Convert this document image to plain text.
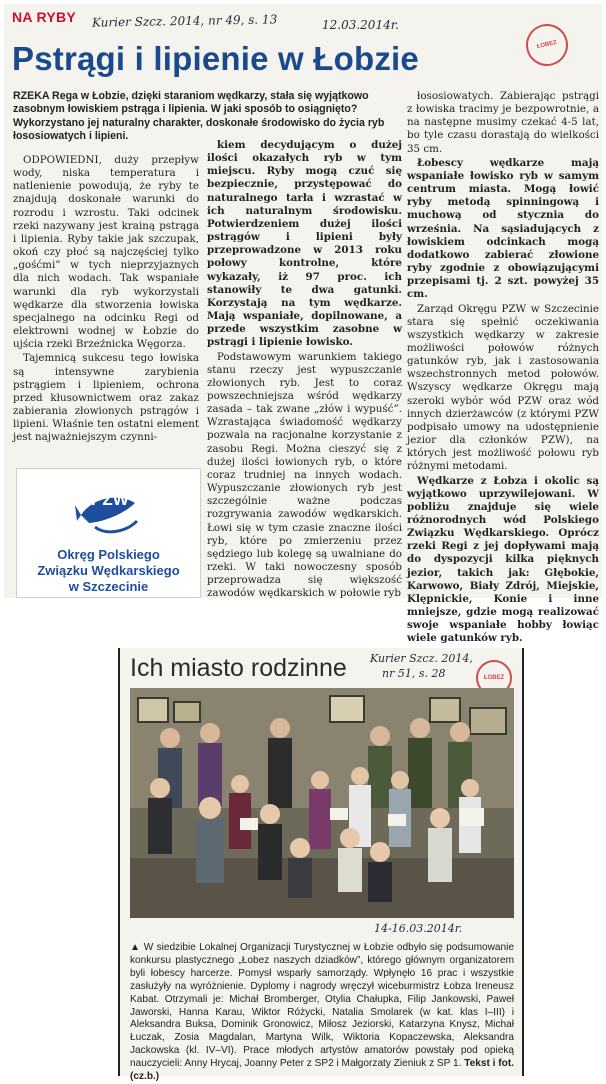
NA RYBY Kurier Szcz. 2014, nr 49, s. 13	12.03.2014r.
ŁOBEZ
Pstrągi i lipienie w Łobzie

RZEKA Rega w Łobzie, dzięki staraniom wędkarzy, stała się wyjątkowo zasobnym łowiskiem pstrąga i lipienia. W jaki sposób to osiągnięto? Wykorzystano jej naturalny charakter, doskonałe środowisko do życia ryb łososiowatych i lipieni.

ODPOWIEDNI, duży przepływ wody, niska temperatura i natlenienie powodują, że ryby te znajdują doskonałe warunki do rozrodu i wzrostu. Taki odcinek rzeki nazywany jest krainą pstrąga i lipienia. Ryby takie jak szczupak, okoń czy płoć są najczęściej tylko „gośćmi” w tych nieprzyjaznych dla nich wodach. Tak wspaniałe warunki dla ryb wykorzystali wędkarze dla stworzenia łowiska specjalnego na odcinku Regi od elektrowni wodnej w Łobzie do ujścia rzeki Brzeźnicka Węgorza.

Tajemnicą sukcesu tego łowiska są intensywne zarybienia pstrągiem i lipieniem, ochrona przed kłusownictwem oraz zakaz zabierania złowionych pstrągów i lipieni. Właśnie ten ostatni element jest najważniejszym czynni-

kiem decydującym o dużej ilości okazałych ryb w tym miejscu. Ryby mogą czuć się bezpiecznie, przystępować do naturalnego tarła i wzrastać w ich naturalnym środowisku. Potwierdzeniem dużej ilości pstrągów i lipieni były przeprowadzone w 2013 roku połowy kontrolne, które wykazały, iż 97 proc. ich stanowiły te dwa gatunki. Korzystają na tym wędkarze. Mają wspaniałe, dopilnowane, a przede wszystkim zasobne w pstrągi i lipienie łowisko.

Podstawowym warunkiem takiego stanu rzeczy jest wypuszczanie złowionych ryb. Jest to coraz powszechniejsza wśród wędkarzy zasada – tak zwane „złów i wypuść”. Wzrastająca świadomość wędkarzy pozwala na racjonalne korzystanie z zasobu Regi. Można cieszyć się z dużej ilości łowionych ryb, o które coraz trudniej na innych wodach. Wypuszczanie złowionych ryb jest szczególnie ważne podczas rozgrywania zawodów wędkarskich. Łowi się w tym czasie znaczne ilości ryb, które po zmierzeniu przez sędziego lub kolegę są uwalniane do rzeki. W taki nowoczesny sposób przeprowadza się większość zawodów wędkarskich w połowie ryb

łososiowatych. Zabierając pstrągi z łowiska tracimy je bezpowrotnie, a na następne musimy czekać 4-5 lat, bo tyle czasu dorastają do wielkości 35 cm.

Łobescy wędkarze mają wspaniałe łowisko ryb w samym centrum miasta. Mogą łowić ryby metodą spinningową i muchową od stycznia do września. Na sąsiadujących z łowiskiem odcinkach mogą dodatkowo zabierać złowione ryby zgodnie z obowiązującymi przepisami tj. 2 szt. powyżej 35 cm.

Zarząd Okręgu PZW w Szczecinie stara się spełnić oczekiwania wszystkich wędkarzy w zakresie możliwości połowów różnych gatunków ryb, jak i zastosowania wszechstronnych metod połowów. Wszyscy wędkarze Okręgu mają szeroki wybór wód PZW oraz wód innych dzierżawców (z którymi PZW podpisało umowy na udostępnienie jezior dla członków PZW), na których jest możliwość połowu ryb różnymi metodami.

Wędkarze z Łobza i okolic są wyjątkowo uprzywilejowani. W pobliżu znajduje się wiele różnorodnych wód Polskiego Związku Wędkarskiego. Oprócz rzeki Regi z jej dopływami mają do dyspozycji kilka pięknych jezior, takich jak: Głębokie, Karwowo, Biały Zdrój, Miejskie, Klępnickie, Konie i inne mniejsze, gdzie mogą realizować swoje wspaniałe hobby łowiąc wiele gatunków ryb.

PZW
Okręg Polskiego
Związku Wędkarskiego
w Szczecinie
Ich miasto rodzinne Kurier Szcz. 2014,
nr 51, s. 28	ŁOBEZ
14-16.03.2014r.

▲ W siedzibie Lokalnej Organizacji Turystycznej w Łobzie odbyło się podsumowanie konkursu plastycznego „Łobez naszych dziadków”, którego głównym organizatorem byli łobescy harcerze. Pomysł wsparły samorządy. Wpłynęło 16 prac i wszystkie zasłużyły na wyróżnienie. Dyplomy i nagrody wręczył wiceburmistrz Łobza Ireneusz Kabat. Otrzymali je: Michał Bromberger, Otylia Chałupka, Filip Jankowski, Paweł Jaworski, Hanna Karau, Wiktor Różycki, Natalia Smolarek (w kat. klas I–III) i Aleksandra Buksa, Dominik Gronowicz, Miłosz Jeziorski, Katarzyna Knysz, Michał Łuczak, Zosia Magdalan, Martyna Wilk, Wiktoria Kopaczewska, Aleksandra Jackowska (kl. IV–VI). Prace młodych artystów amatorów powstały pod opieką nauczycieli: Anny Hrycaj, Joanny Peter z SP2 i Małgorzaty Zieniuk z SP 1. Tekst i fot. (cz.b.)
